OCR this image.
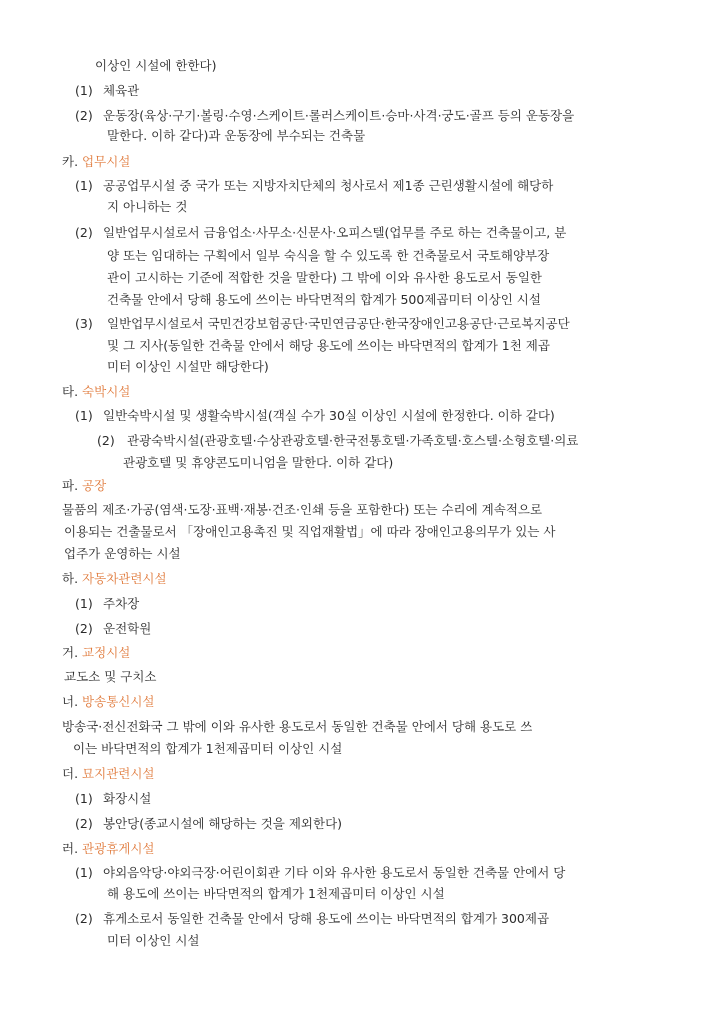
이상인 시설에 한한다)
(1) 체육관
(2) 운동장(육상·구기·볼링·수영·스케이트·롤러스케이트·승마·사격·궁도·골프 등의 운동장을
말한다. 이하 같다)과 운동장에 부수되는 건축물
카. 업무시설
(1) 공공업무시설 중 국가 또는 지방자치단체의 청사로서 제1종 근린생활시설에 해당하
지 아니하는 것
(2) 일반업무시설로서 금융업소·사무소·신문사·오피스텔(업무를 주로 하는 건축물이고, 분
양 또는 임대하는 구획에서 일부 숙식을 할 수 있도록 한 건축물로서 국토해양부장
관이 고시하는 기준에 적합한 것을 말한다) 그 밖에 이와 유사한 용도로서 동일한
건축물 안에서 당해 용도에 쓰이는 바닥면적의 합계가 500제곱미터 이상인 시설
(3) 일반업무시설로서 국민건강보험공단·국민연금공단·한국장애인고용공단·근로복지공단
및 그 지사(동일한 건축물 안에서 해당 용도에 쓰이는 바닥면적의 합계가 1천 제곱
미터 이상인 시설만 해당한다)
타. 숙박시설
(1) 일반숙박시설 및 생활숙박시설(객실 수가 30실 이상인 시설에 한정한다. 이하 같다)
(2) 관광숙박시설(관광호텔·수상관광호텔·한국전통호텔·가족호텔·호스텔·소형호텔·의료
관광호텔 및 휴양콘도미니엄을 말한다. 이하 같다)
파. 공장
물품의 제조·가공(염색·도장·표백·재봉·건조·인쇄 등을 포함한다) 또는 수리에 계속적으로
이용되는 건출물로서 「장애인고용촉진 및 직업재활법」에 따라 장애인고용의무가 있는 사
업주가 운영하는 시설
하. 자동차관련시설
(1) 주차장
(2) 운전학원
거. 교정시설
교도소 및 구치소
너. 방송통신시설
방송국·전신전화국 그 밖에 이와 유사한 용도로서 동일한 건축물 안에서 당해 용도로 쓰
이는 바닥면적의 합계가 1천제곱미터 이상인 시설
더. 묘지관련시설
(1) 화장시설
(2) 봉안당(종교시설에 해당하는 것을 제외한다)
러. 관광휴게시설
(1) 야외음악당·야외극장·어린이회관 기타 이와 유사한 용도로서 동일한 건축물 안에서 당
해 용도에 쓰이는 바닥면적의 합계가 1천제곱미터 이상인 시설
(2) 휴게소로서 동일한 건축물 안에서 당해 용도에 쓰이는 바닥면적의 합계가 300제곱
미터 이상인 시설
